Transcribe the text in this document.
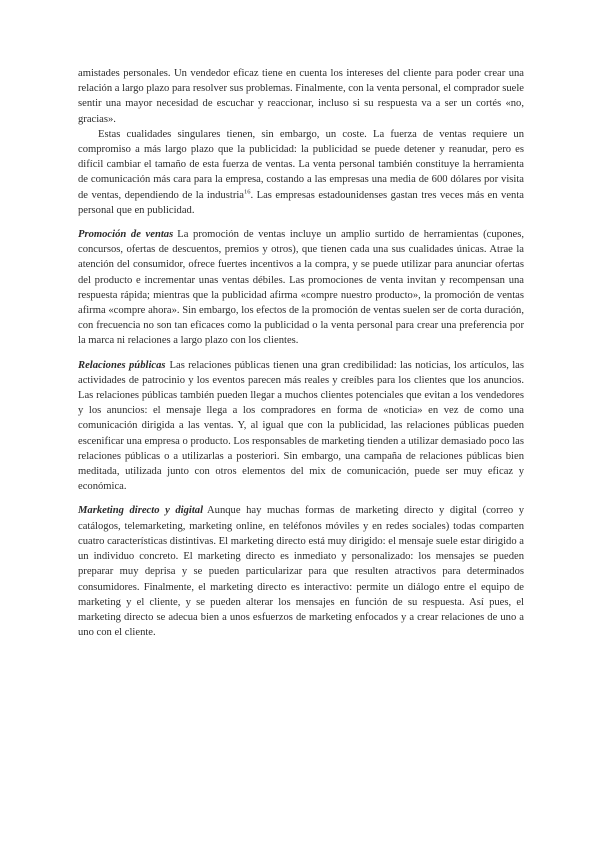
amistades personales. Un vendedor eficaz tiene en cuenta los intereses del cliente para poder crear una relación a largo plazo para resolver sus problemas. Finalmente, con la venta personal, el comprador suele sentir una mayor necesidad de escuchar y reaccionar, incluso si su respuesta va a ser un cortés «no, gracias».

Estas cualidades singulares tienen, sin embargo, un coste. La fuerza de ventas requiere un compromiso a más largo plazo que la publicidad: la publicidad se puede detener y reanudar, pero es difícil cambiar el tamaño de esta fuerza de ventas. La venta personal también constituye la herramienta de comunicación más cara para la empresa, costando a las empresas una media de 600 dólares por visita de ventas, dependiendo de la industria$^{16}$. Las empresas estadounidenses gastan tres veces más en venta personal que en publicidad.

Promoción de ventas La promoción de ventas incluye un amplio surtido de herramientas (cupones, concursos, ofertas de descuentos, premios y otros), que tienen cada una sus cualidades únicas. Atrae la atención del consumidor, ofrece fuertes incentivos a la compra, y se puede utilizar para anunciar ofertas del producto e incrementar unas ventas débiles. Las promociones de venta invitan y recompensan una respuesta rápida; mientras que la publicidad afirma «compre nuestro producto», la promoción de ventas afirma «compre ahora». Sin embargo, los efectos de la promoción de ventas suelen ser de corta duración, con frecuencia no son tan eficaces como la publicidad o la venta personal para crear una preferencia por la marca ni relaciones a largo plazo con los clientes.

Relaciones públicas Las relaciones públicas tienen una gran credibilidad: las noticias, los artículos, las actividades de patrocinio y los eventos parecen más reales y creíbles para los clientes que los anuncios. Las relaciones públicas también pueden llegar a muchos clientes potenciales que evitan a los vendedores y los anuncios: el mensaje llega a los compradores en forma de «noticia» en vez de como una comunicación dirigida a las ventas. Y, al igual que con la publicidad, las relaciones públicas pueden escenificar una empresa o producto. Los responsables de marketing tienden a utilizar demasiado poco las relaciones públicas o a utilizarlas a posteriori. Sin embargo, una campaña de relaciones públicas bien meditada, utilizada junto con otros elementos del mix de comunicación, puede ser muy eficaz y económica.

Marketing directo y digital Aunque hay muchas formas de marketing directo y digital (correo y catálogos, telemarketing, marketing online, en teléfonos móviles y en redes sociales) todas comparten cuatro características distintivas. El marketing directo está muy dirigido: el mensaje suele estar dirigido a un individuo concreto. El marketing directo es inmediato y personalizado: los mensajes se pueden preparar muy deprisa y se pueden particularizar para que resulten atractivos para determinados consumidores. Finalmente, el marketing directo es interactivo: permite un diálogo entre el equipo de marketing y el cliente, y se pueden alterar los mensajes en función de su respuesta. Así pues, el marketing directo se adecua bien a unos esfuerzos de marketing enfocados y a crear relaciones de uno a uno con el cliente.
